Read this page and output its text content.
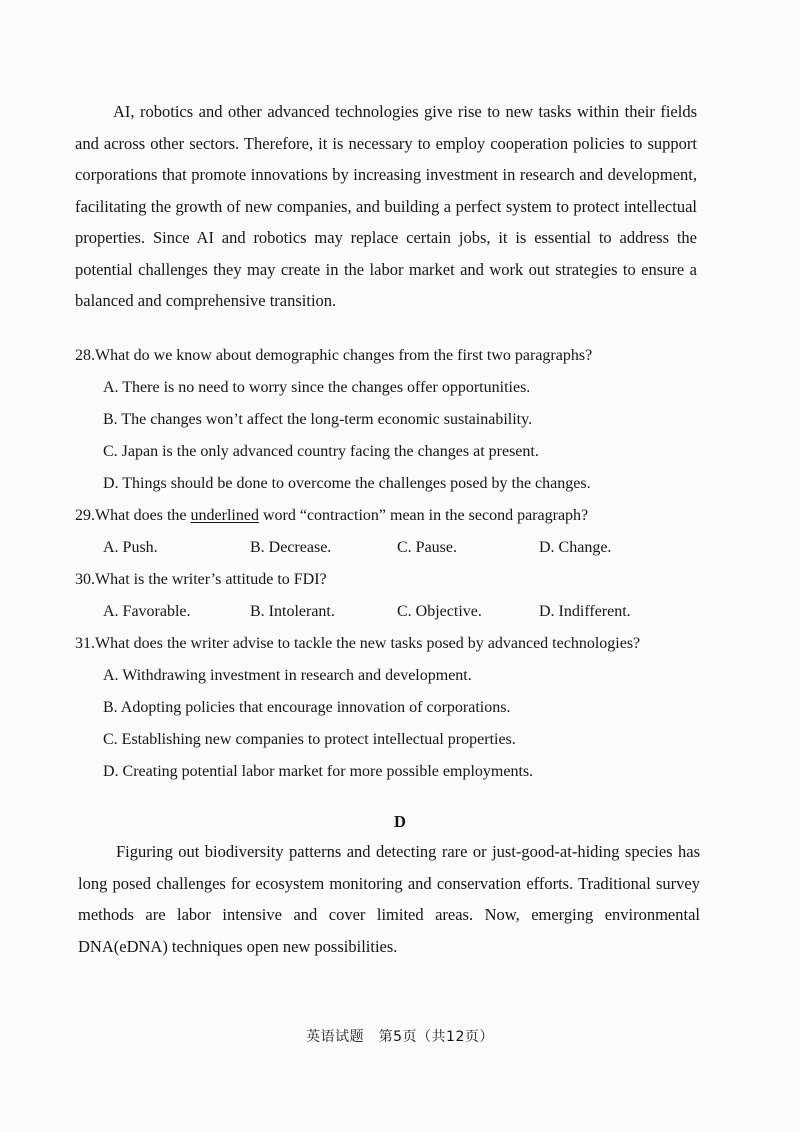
AI, robotics and other advanced technologies give rise to new tasks within their fields and across other sectors. Therefore, it is necessary to employ cooperation policies to support corporations that promote innovations by increasing investment in research and development, facilitating the growth of new companies, and building a perfect system to protect intellectual properties. Since AI and robotics may replace certain jobs, it is essential to address the potential challenges they may create in the labor market and work out strategies to ensure a balanced and comprehensive transition.

28.What do we know about demographic changes from the first two paragraphs?
A. There is no need to worry since the changes offer opportunities.
B. The changes won’t affect the long-term economic sustainability.
C. Japan is the only advanced country facing the changes at present.
D. Things should be done to overcome the challenges posed by the changes.
29.What does the underlined word “contraction” mean in the second paragraph?
A. Push.	B. Decrease.	C. Pause.	D. Change.
30.What is the writer’s attitude to FDI?
A. Favorable.	B. Intolerant.	C. Objective.	D. Indifferent.
31.What does the writer advise to tackle the new tasks posed by advanced technologies?
A. Withdrawing investment in research and development.
B. Adopting policies that encourage innovation of corporations.
C. Establishing new companies to protect intellectual properties.
D. Creating potential labor market for more possible employments.
D

Figuring out biodiversity patterns and detecting rare or just-good-at-hiding species has long posed challenges for ecosystem monitoring and conservation efforts. Traditional survey methods are labor intensive and cover limited areas. Now, emerging environmental DNA(eDNA) techniques open new possibilities.

英语试题　第5页（共12页）
